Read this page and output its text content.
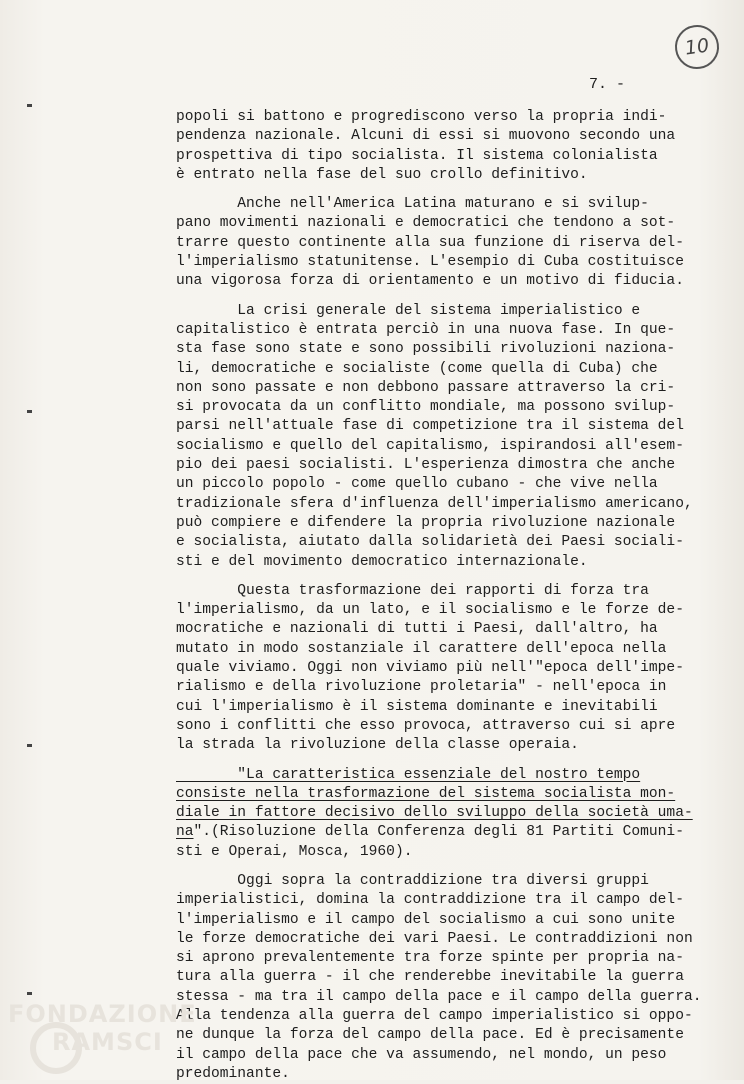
10
7. -
popoli si battono e progrediscono verso la propria indi-
pendenza nazionale. Alcuni di essi si muovono secondo una
prospettiva di tipo socialista. Il sistema colonialista
è entrato nella fase del suo crollo definitivo.
Anche nell'America Latina maturano e si svilup-
pano movimenti nazionali e democratici che tendono a sot-
trarre questo continente alla sua funzione di riserva del-
l'imperialismo statunitense. L'esempio di Cuba costituisce
una vigorosa forza di orientamento e un motivo di fiducia.
La crisi generale del sistema imperialistico e
capitalistico è entrata perciò in una nuova fase. In que-
sta fase sono state e sono possibili rivoluzioni naziona-
li, democratiche e socialiste (come quella di Cuba) che
non sono passate e non debbono passare attraverso la cri-
si provocata da un conflitto mondiale, ma possono svilup-
parsi nell'attuale fase di competizione tra il sistema del
socialismo e quello del capitalismo, ispirandosi all'esem-
pio dei paesi socialisti. L'esperienza dimostra che anche
un piccolo popolo - come quello cubano - che vive nella
tradizionale sfera d'influenza dell'imperialismo americano,
può compiere e difendere la propria rivoluzione nazionale
e socialista, aiutato dalla solidarietà dei Paesi sociali-
sti e del movimento democratico internazionale.
Questa trasformazione dei rapporti di forza tra
l'imperialismo, da un lato, e il socialismo e le forze de-
mocratiche e nazionali di tutti i Paesi, dall'altro, ha
mutato in modo sostanziale il carattere dell'epoca nella
quale viviamo. Oggi non viviamo più nell'"epoca dell'impe-
rialismo e della rivoluzione proletaria" - nell'epoca in
cui l'imperialismo è il sistema dominante e inevitabili
sono i conflitti che esso provoca, attraverso cui si apre
la strada la rivoluzione della classe operaia.
"La caratteristica essenziale del nostro tempo
consiste nella trasformazione del sistema socialista mon-
diale in fattore decisivo dello sviluppo della società uma-
na".(Risoluzione della Conferenza degli 81 Partiti Comuni-
sti e Operai, Mosca, 1960).
Oggi sopra la contraddizione tra diversi gruppi
imperialistici, domina la contraddizione tra il campo del-
l'imperialismo e il campo del socialismo a cui sono unite
le forze democratiche dei vari Paesi. Le contraddizioni non
si aprono prevalentemente tra forze spinte per propria na-
tura alla guerra - il che renderebbe inevitabile la guerra
stessa - ma tra il campo della pace e il campo della guerra.
Alla tendenza alla guerra del campo imperialistico si oppo-
ne dunque la forza del campo della pace. Ed è precisamente
il campo della pace che va assumendo, nel mondo, un peso
predominante.
FONDAZIONE
RAMSCI
